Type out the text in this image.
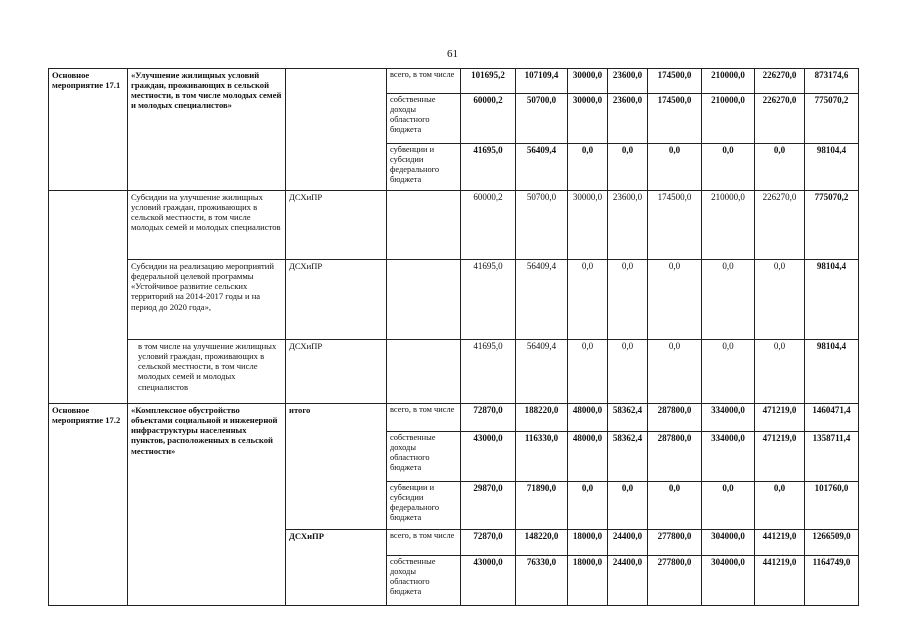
61
Основное мероприятие 17.1	«Улучшение жилищных условий граждан, проживающих в сельской местности, в том числе молодых семей и молодых специалистов»		всего, в том числе	101695,2	107109,4	30000,0	23600,0	174500,0	210000,0	226270,0	873174,6
			собственные доходы областного бюджета	60000,2	50700,0	30000,0	23600,0	174500,0	210000,0	226270,0	775070,2
			субвенции и субсидии федерального бюджета	41695,0	56409,4	0,0	0,0	0,0	0,0	0,0	98104,4
	Субсидии на улучшение жилищных условий граждан, проживающих в сельской местности, в том числе молодых семей и молодых специалистов	ДСХиПР		60000,2	50700,0	30000,0	23600,0	174500,0	210000,0	226270,0	775070,2
	Субсидии на реализацию мероприятий федеральной целевой программы «Устойчивое развитие сельских территорий на 2014-2017 годы и на период до 2020 года»,	ДСХиПР		41695,0	56409,4	0,0	0,0	0,0	0,0	0,0	98104,4
	в том числе на улучшение жилищных условий граждан, проживающих в сельской местности, в том числе молодых семей и молодых специалистов	ДСХиПР		41695,0	56409,4	0,0	0,0	0,0	0,0	0,0	98104,4
Основное мероприятие 17.2	«Комплексное обустройство объектами социальной и инженерной инфраструктуры населенных пунктов, расположенных в сельской местности»	итого	всего, в том числе	72870,0	188220,0	48000,0	58362,4	287800,0	334000,0	471219,0	1460471,4
			собственные доходы областного бюджета	43000,0	116330,0	48000,0	58362,4	287800,0	334000,0	471219,0	1358711,4
			субвенции и субсидии федерального бюджета	29870,0	71890,0	0,0	0,0	0,0	0,0	0,0	101760,0
		ДСХиПР	всего, в том числе	72870,0	148220,0	18000,0	24400,0	277800,0	304000,0	441219,0	1266509,0
			собственные доходы областного бюджета	43000,0	76330,0	18000,0	24400,0	277800,0	304000,0	441219,0	1164749,0
